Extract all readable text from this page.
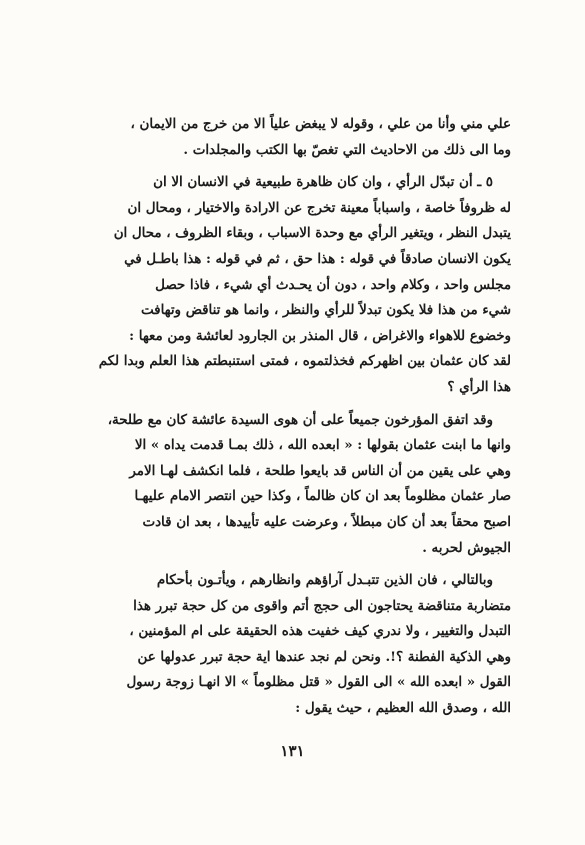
علي مني وأنا من علي ، وقوله لا يبغض علياً الا من خرج من الايمان ،
وما الى ذلك من الاحاديث التي تغصّ بها الكتب والمجلدات .
٥ ـ أن تبدّل الرأي ، وان كان ظاهرة طبيعية في الانسان الا ان
له ظروفاً خاصة ، واسباباً معينة تخرج عن الارادة والاختيار ، ومحال ان
يتبدل النظر ، ويتغير الرأي مع وحدة الاسباب ، وبقاء الظروف ، محال ان
يكون الانسان صادقاً في قوله : هذا حق ، ثم في قوله : هذا باطـل في
مجلس واحد ، وكلام واحد ، دون أن يحـدث أي شيء ، فاذا حصل
شيء من هذا فلا يكون تبدلاً للرأي والنظر ، وانما هو تناقض وتهافت
وخضوع للاهواء والاغراض ، قال المنذر بن الجارود لعائشة ومن معها :
لقد كان عثمان بين اظهركم فخذلتموه ، فمتى استنبطتم هذا العلم وبدا لكم
هذا الرأي ؟
وقد اتفق المؤرخون جميعاً على أن هوى السيدة عائشة كان مع طلحة،
وانها ما ابنت عثمان بقولها : « ابعده الله ، ذلك بمـا قدمت يداه » الا
وهي على يقين من أن الناس قد بايعوا طلحة ، فلما انكشف لهـا الامر
صار عثمان مظلوماً بعد ان كان ظالماً ، وكذا حين انتصر الامام عليهـا
اصبح محقاً بعد أن كان مبطلاً ، وعرضت عليه تأييدها ، بعد ان قادت
الجيوش لحربه .
وبالتالي ، فان الذين تتبـدل آراؤهم وانظارهم ، ويأتـون بأحكام
متضاربة متناقضة يحتاجون الى حجج أتم واقوى من كل حجة تبرر هذا
التبدل والتغيير ، ولا ندري كيف خفيت هذه الحقيقة على ام المؤمنين ،
وهي الذكية الفطنة ؟!. ونحن لم نجد عندها اية حجة تبرر عدولها عن
القول « ابعده الله » الى القول « قتل مظلوماً » الا انهـا زوجة رسول
الله ، وصدق الله العظيم ، حيث يقول :
١٣١
